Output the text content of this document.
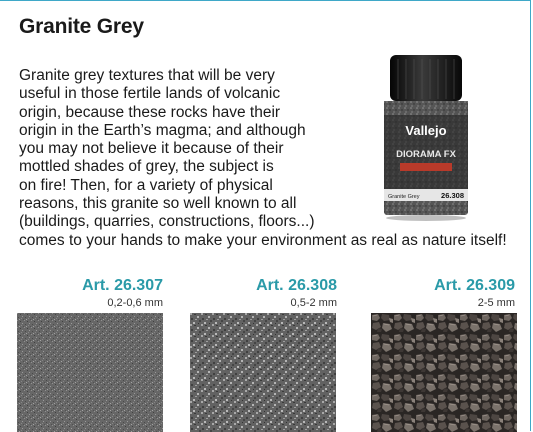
Granite Grey

Granite grey textures that will be very
useful in those fertile lands of volcanic
origin, because these rocks have their
origin in the Earth’s magma; and although
you may not believe it because of their
mottled shades of grey, the subject is
on fire! Then, for a variety of physical
reasons, this granite so well known to all
(buildings, quarries, constructions, floors...)
comes to your hands to make your environment as real as nature itself!

Vallejo
DIORAMA FX
Granite Grey	26.308
Art. 26.307
0,2-0,6 mm
Art. 26.308
0,5-2 mm
Art. 26.309
2-5 mm
